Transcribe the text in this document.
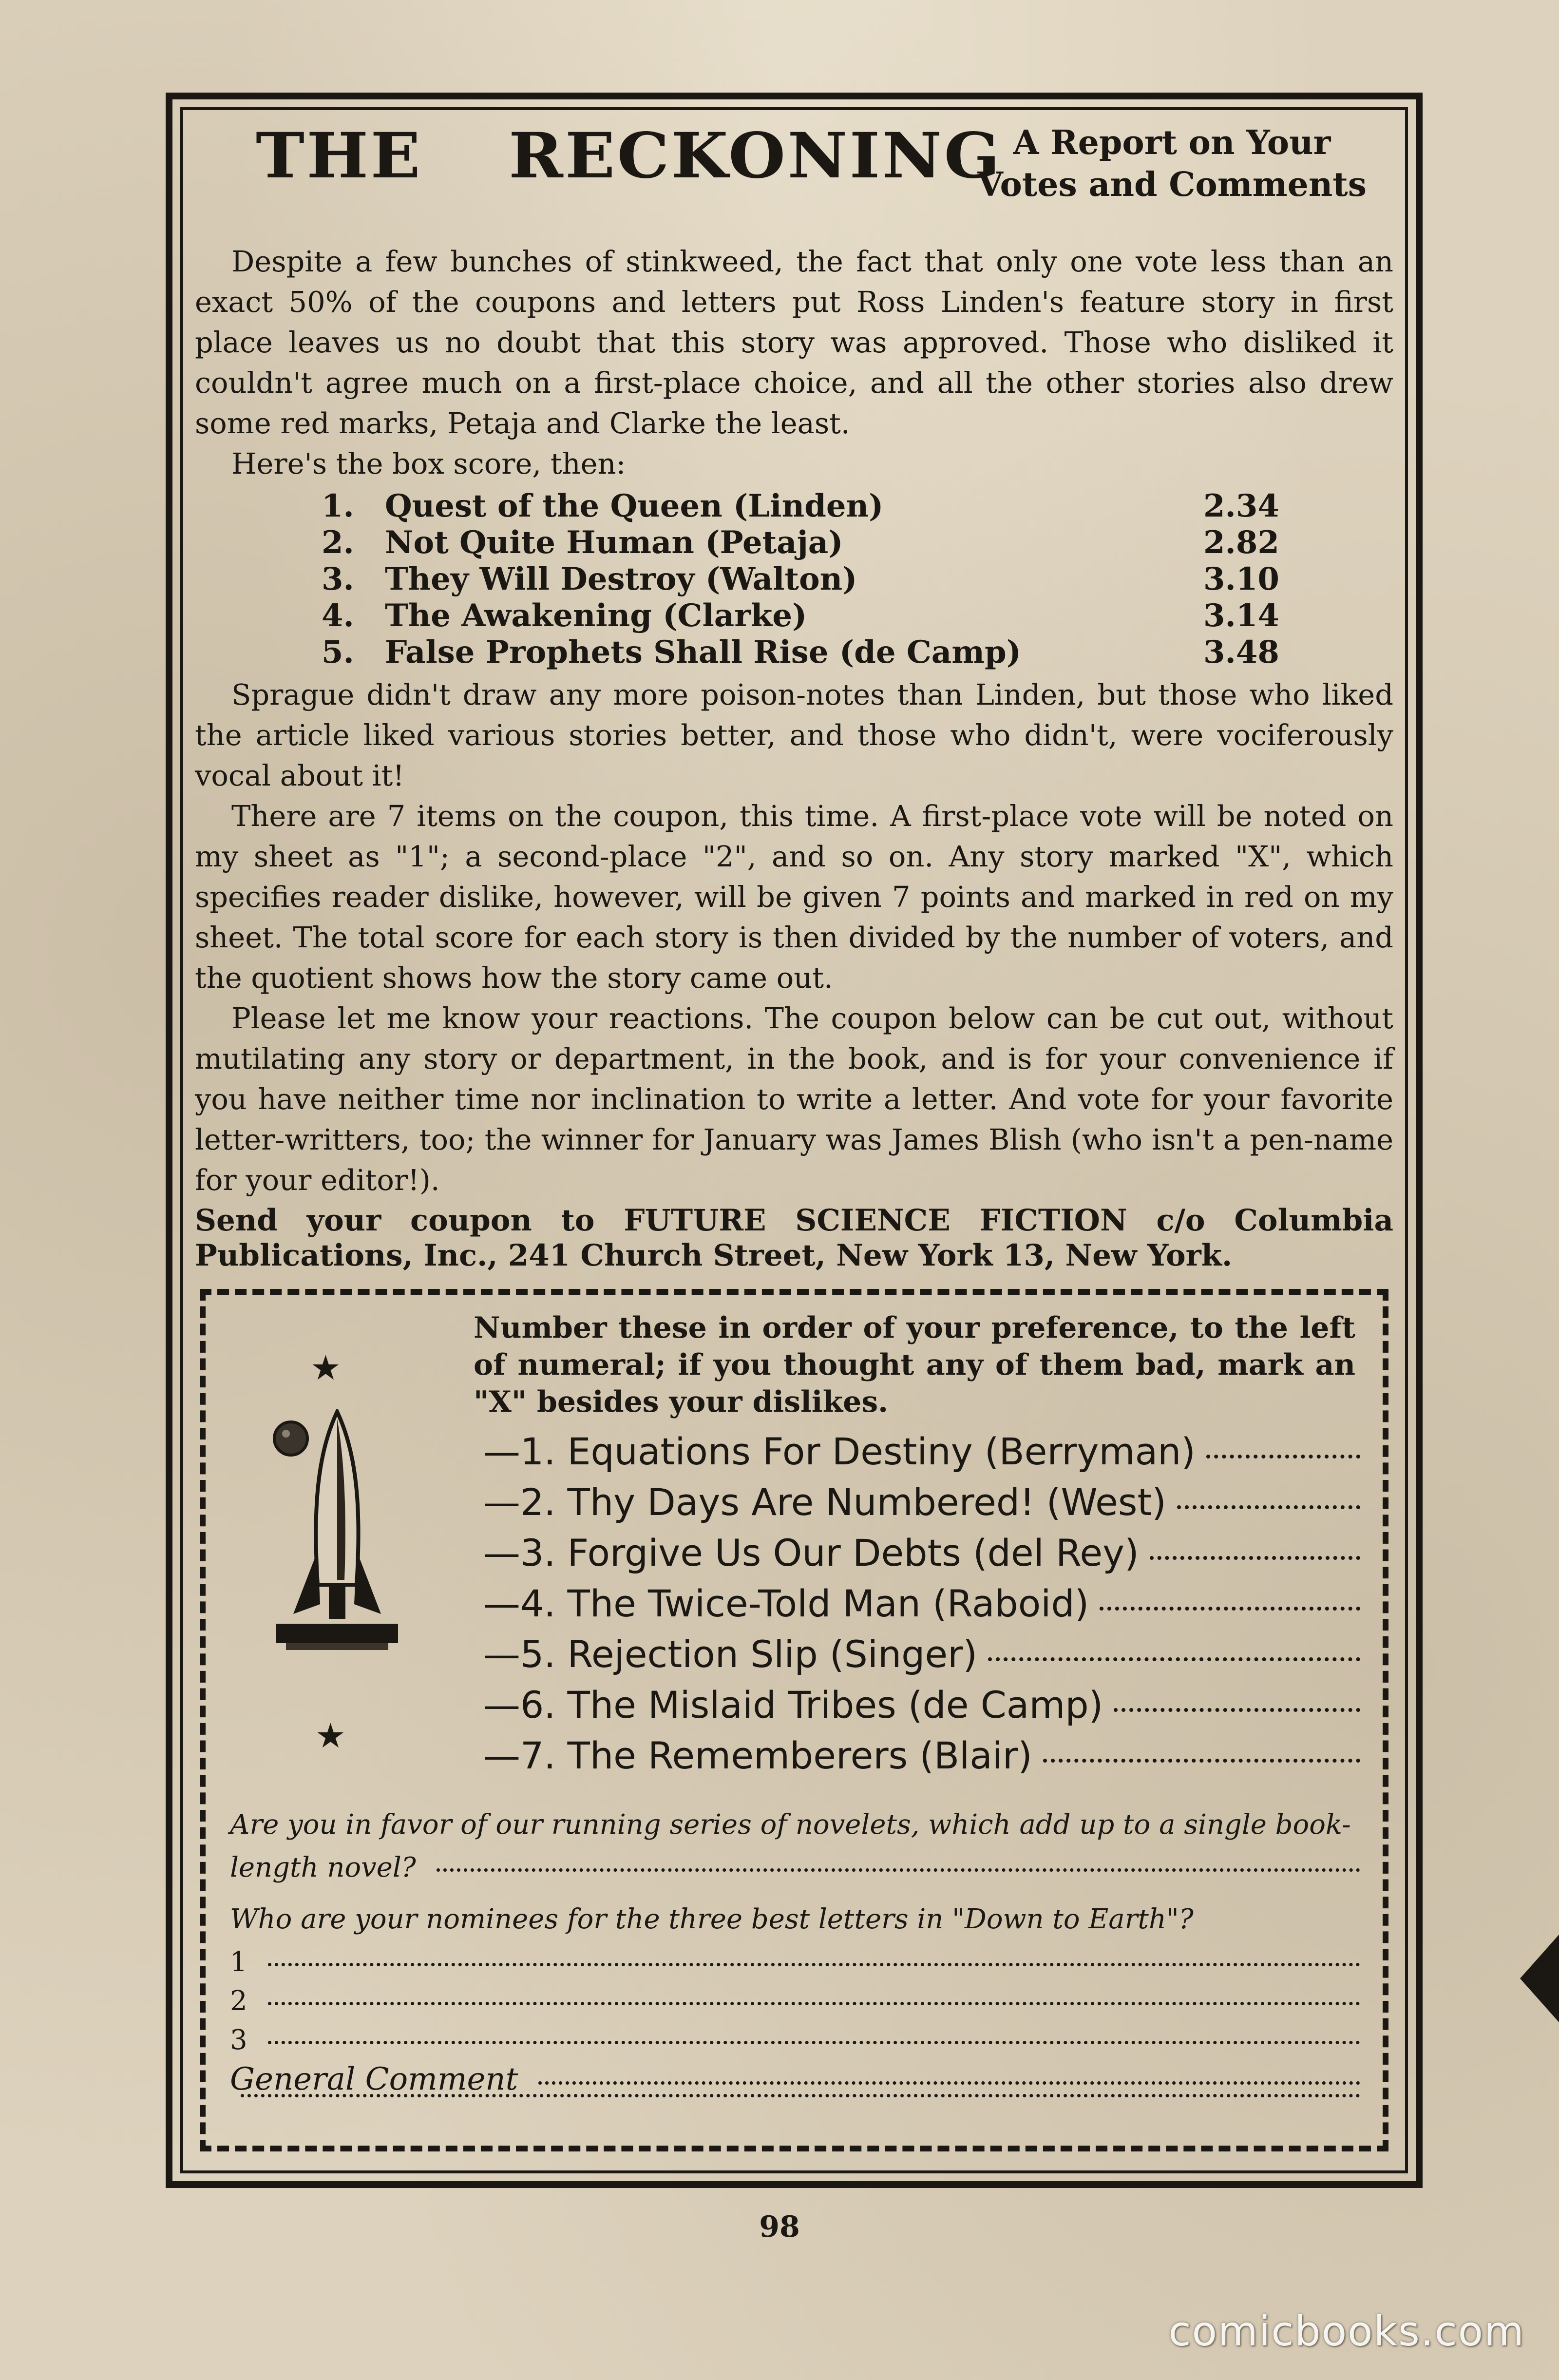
THE RECKONING A Report on Your
Votes and Comments

Despite a few bunches of stinkweed, the fact that only one vote less than an exact 50% of the coupons and letters put Ross Linden's feature story in first place leaves us no doubt that this story was approved. Those who disliked it couldn't agree much on a first-place choice, and all the other stories also drew some red marks, Petaja and Clarke the least.

Here's the box score, then:

1. Quest of the Queen (Linden)	2.34
2. Not Quite Human (Petaja)	2.82
3. They Will Destroy (Walton)	3.10
4. The Awakening (Clarke)	3.14
5. False Prophets Shall Rise (de Camp)	3.48

Sprague didn't draw any more poison-notes than Linden, but those who liked the article liked various stories better, and those who didn't, were vociferously vocal about it!

There are 7 items on the coupon, this time. A first-place vote will be noted on my sheet as "1"; a second-place "2", and so on. Any story marked "X", which specifies reader dislike, however, will be given 7 points and marked in red on my sheet. The total score for each story is then divided by the number of voters, and the quotient shows how the story came out.

Please let me know your reactions. The coupon below can be cut out, without mutilating any story or department, in the book, and is for your convenience if you have neither time nor inclination to write a letter. And vote for your favorite letter-writters, too; the winner for January was James Blish (who isn't a pen-name for your editor!).

Send your coupon to FUTURE SCIENCE FICTION c/o Columbia Publications, Inc., 241 Church Street, New York 13, New York.
★
★
Number these in order of your preference, to the left of numeral; if you thought any of them bad, mark an "X" besides your dislikes.
—1. Equations For Destiny (Berryman)
—2. Thy Days Are Numbered! (West)
—3. Forgive Us Our Debts (del Rey)
—4. The Twice-Told Man (Raboid)
—5. Rejection Slip (Singer)
—6. The Mislaid Tribes (de Camp)
—7. The Rememberers (Blair)
Are you in favor of our running series of novelets, which add up to a single book-
length novel?
Who are your nominees for the three best letters in "Down to Earth"?
1
2
3
General Comment
98
comicbooks.com
